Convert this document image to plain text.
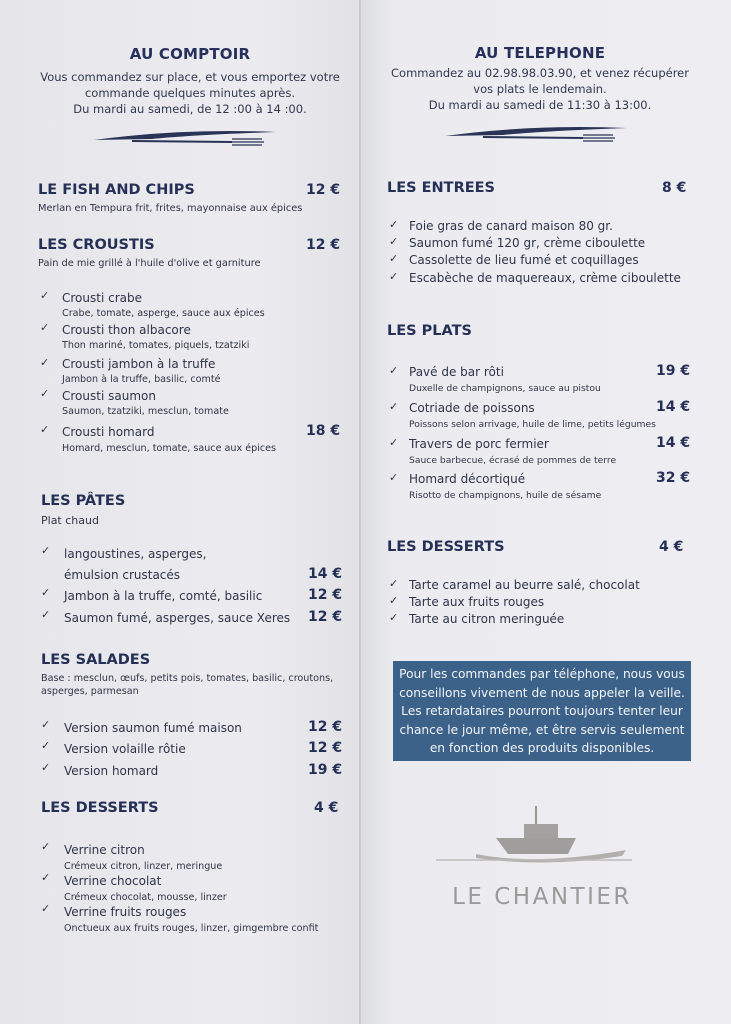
AU COMPTOIR
Vous commandez sur place, et vous emportez votre
commande quelques minutes après.
Du mardi au samedi, de 12 :00 à 14 :00.
LE FISH AND CHIPS	12 €
Merlan en Tempura frit, frites, mayonnaise aux épices
LES CROUSTIS	12 €
Pain de mie grillé à l'huile d'olive et garniture
✓ Crousti crabe
Crabe, tomate, asperge, sauce aux épices
✓ Crousti thon albacore
Thon mariné, tomates, piquels, tzatziki
✓ Crousti jambon à la truffe
Jambon à la truffe, basilic, comté
✓ Crousti saumon
Saumon, tzatziki, mesclun, tomate
✓ Crousti homard	18 €
Homard, mesclun, tomate, sauce aux épices
LES PÂTES
Plat chaud
✓ langoustines, asperges,
émulsion crustacés	14 €
✓ Jambon à la truffe, comté, basilic	12 €
✓ Saumon fumé, asperges, sauce Xeres 12 €
LES SALADES
Base : mesclun, œufs, petits pois, tomates, basilic, croutons,
asperges, parmesan
✓ Version saumon fumé maison	12 €
✓ Version volaille rôtie	12 €
✓ Version homard	19 €
LES DESSERTS	4 €
✓ Verrine citron
Crémeux citron, linzer, meringue
✓ Verrine chocolat
Crémeux chocolat, mousse, linzer
✓ Verrine fruits rouges
Onctueux aux fruits rouges, linzer, gimgembre confit
AU TELEPHONE
Commandez au 02.98.98.03.90, et venez récupérer
vos plats le lendemain.
Du mardi au samedi de 11:30 à 13:00.
LES ENTREES	8 €
✓ Foie gras de canard maison 80 gr.
✓ Saumon fumé 120 gr, crème ciboulette
✓ Cassolette de lieu fumé et coquillages
✓ Escabèche de maquereaux, crème ciboulette
LES PLATS
✓ Pavé de bar rôti	19 €
Duxelle de champignons, sauce au pistou
✓ Cotriade de poissons	14 €
Poissons selon arrivage, huile de lime, petits légumes
✓ Travers de porc fermier	14 €
Sauce barbecue, écrasé de pommes de terre
✓ Homard décortiqué	32 €
Risotto de champignons, huile de sésame
LES DESSERTS	4 €
✓ Tarte caramel au beurre salé, chocolat
✓ Tarte aux fruits rouges
✓ Tarte au citron meringuée
Pour les commandes par téléphone, nous vous
conseillons vivement de nous appeler la veille.
Les retardataires pourront toujours tenter leur
chance le jour même, et être servis seulement
en fonction des produits disponibles.
LE CHANTIER
